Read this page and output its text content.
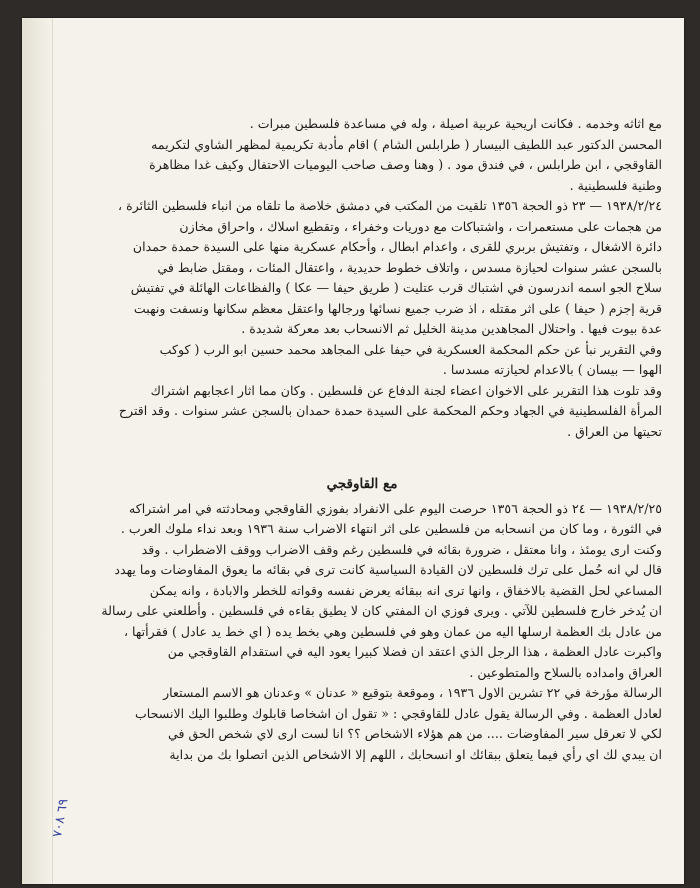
مع اثاثه وخدمه . فكانت اريحية عربية اصيلة ، وله في مساعدة فلسطين مبرات .
المحسن الدكتور عبد اللطيف البيسار ( طرابلس الشام ) اقام مأدبة تكريمية لمظهر الشاوي لتكريمه
القاوقجي ، ابن طرابلس ، في فندق مود . ( وهنا وصف صاحب اليوميات الاحتفال وكيف غدا مظاهرة
وطنية فلسطينية .

١٩٣٨/٢/٢٤ — ٢٣ ذو الحجة ١٣٥٦ تلقيت من المكتب في دمشق خلاصة ما تلقاه من انباء فلسطين الثائرة ،
من هجمات على مستعمرات ، واشتباكات مع دوريات وخفراء ، وتقطيع اسلاك ، واحراق مخازن
دائرة الاشغال ، وتفتيش بربري للقرى ، واعدام ابطال ، وأحكام عسكرية منها على السيدة حمدة حمدان
بالسجن عشر سنوات لحيازة مسدس ، واتلاف خطوط حديدية ، واعتقال المئات ، ومقتل ضابط في
سلاح الجو اسمه اندرسون في اشتباك قرب عتليت ( طريق حيفا — عكا ) والفظاعات الهائلة في تفتيش
قرية إجزم ( حيفا ) على اثر مقتله ، اذ ضرب جميع نسائها ورجالها واعتقل معظم سكانها ونسفت ونهبت
عدة بيوت فيها . واحتلال المجاهدين مدينة الخليل ثم الانسحاب بعد معركة شديدة .

وفي التقرير نبأ عن حكم المحكمة العسكرية في حيفا على المجاهد محمد حسين ابو الرب ( كوكب
الهوا — بيسان ) بالاعدام لحيازته مسدسا .

وقد تلوت هذا التقرير على الاخوان اعضاء لجنة الدفاع عن فلسطين . وكان مما اثار اعجابهم اشتراك
المرأة الفلسطينية في الجهاد وحكم المحكمة على السيدة حمدة حمدان بالسجن عشر سنوات . وقد اقترح
تحيتها من العراق .

مع القاوقجي

١٩٣٨/٢/٢٥ — ٢٤ ذو الحجة ١٣٥٦ حرصت اليوم على الانفراد بفوزي القاوقجي ومحادثته في امر اشتراكه
في الثورة ، وما كان من انسحابه من فلسطين على اثر انتهاء الاضراب سنة ١٩٣٦ وبعد نداء ملوك العرب .
وكنت ارى يومئذ ، وانا معتقل ، ضرورة بقائه في فلسطين رغم وقف الاضراب ووقف الاضطراب . وقد
قال لي انه حُمل على ترك فلسطين لان القيادة السياسية كانت ترى في بقائه ما يعوق المفاوضات وما يهدد
المساعي لحل القضية بالاخفاق ، وانها ترى انه ببقائه يعرض نفسه وقواته للخطر والابادة ، وانه يمكن
ان يُدخر خارج فلسطين للآتي . ويرى فوزي ان المفتي كان لا يطيق بقاءه في فلسطين . وأطلعني على رسالة
من عادل بك العظمة ارسلها اليه من عمان وهو في فلسطين وهي بخط يده ( اي خط يد عادل ) فقرأتها ،
واكبرت عادل العظمة ، هذا الرجل الذي اعتقد ان فضلا كبيرا يعود اليه في استقدام القاوقجي من
العراق وامداده بالسلاح والمتطوعين .

الرسالة مؤرخة في ٢٢ تشرين الاول ١٩٣٦ ، وموقعة بتوقيع « عدنان » وعدنان هو الاسم المستعار
لعادل العظمة . وفي الرسالة يقول عادل للقاوقجي : « تقول ان اشخاصا قابلوك وطلبوا اليك الانسحاب
لكي لا تعرقل سير المفاوضات .... من هم هؤلاء الاشخاص ؟؟ انا لست ارى لاي شخص الحق في
ان يبدي لك اي رأي فيما يتعلق ببقائك او انسحابك ، اللهم إلا الاشخاص الذين اتصلوا بك من بداية

٦٩ ٧٠٨
